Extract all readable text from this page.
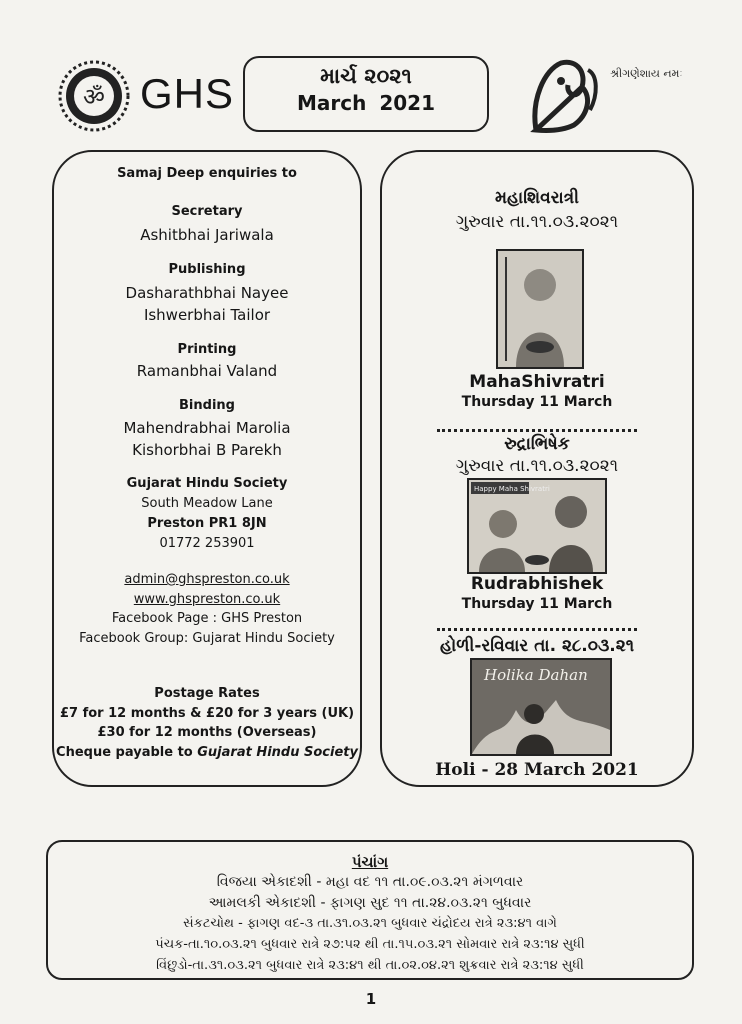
ॐ GHS	માર્ચ ૨૦૨૧
March 2021
શ્રીગણેશાય નમઃ
Samaj Deep enquiries to
Secretary
Ashitbhai Jariwala
Publishing
Dasharathbhai Nayee
Ishwerbhai Tailor
Printing
Ramanbhai Valand
Binding
Mahendrabhai Marolia
Kishorbhai B Parekh
Gujarat Hindu Society
South Meadow Lane
Preston PR1 8JN
01772 253901
admin@ghspreston.co.uk
www.ghspreston.co.uk
Facebook Page : GHS Preston
Facebook Group: Gujarat Hindu Society
Postage Rates
£7 for 12 months & £20 for 3 years (UK)
£30 for 12 months (Overseas)
Cheque payable to Gujarat Hindu Society
મહાશિવરાત્રી
ગુરુવાર તા.૧૧.૦૩.૨૦૨૧
MahaShivratri
Thursday 11 March
રુદ્રાભિષેક
ગુરુવાર તા.૧૧.૦૩.૨૦૨૧
Happy Maha Shivratri
Rudrabhishek
Thursday 11 March
હોળી-રવિવાર તા. ૨૮.૦૩.૨૧
Holika Dahan
Holi - 28 March 2021
પંચાંગ
વિજયા એકાદશી - મહા વદ ૧૧ તા.૦૯.૦૩.૨૧ મંગળવાર
આમલકી એકાદશી - ફાગણ સુદ ૧૧ તા.૨૪.૦૩.૨૧ બુધવાર
સંકટચોથ - ફાગણ વદ-૩ તા.૩૧.૦૩.૨૧ બુધવાર ચંદ્રોદય રાત્રે ૨૩:૪૧ વાગે
પંચક-તા.૧૦.૦૩.૨૧ બુધવાર રાત્રે ૨૭:૫૨ થી તા.૧૫.૦૩.૨૧ સોમવાર રાત્રે ૨૩:૧૪ સુધી
વિંછુડો-તા.૩૧.૦૩.૨૧ બુધવાર રાત્રે ૨૩:૪૧ થી તા.૦૨.૦૪.૨૧ શુક્રવાર રાત્રે ૨૩:૧૪ સુધી
1
